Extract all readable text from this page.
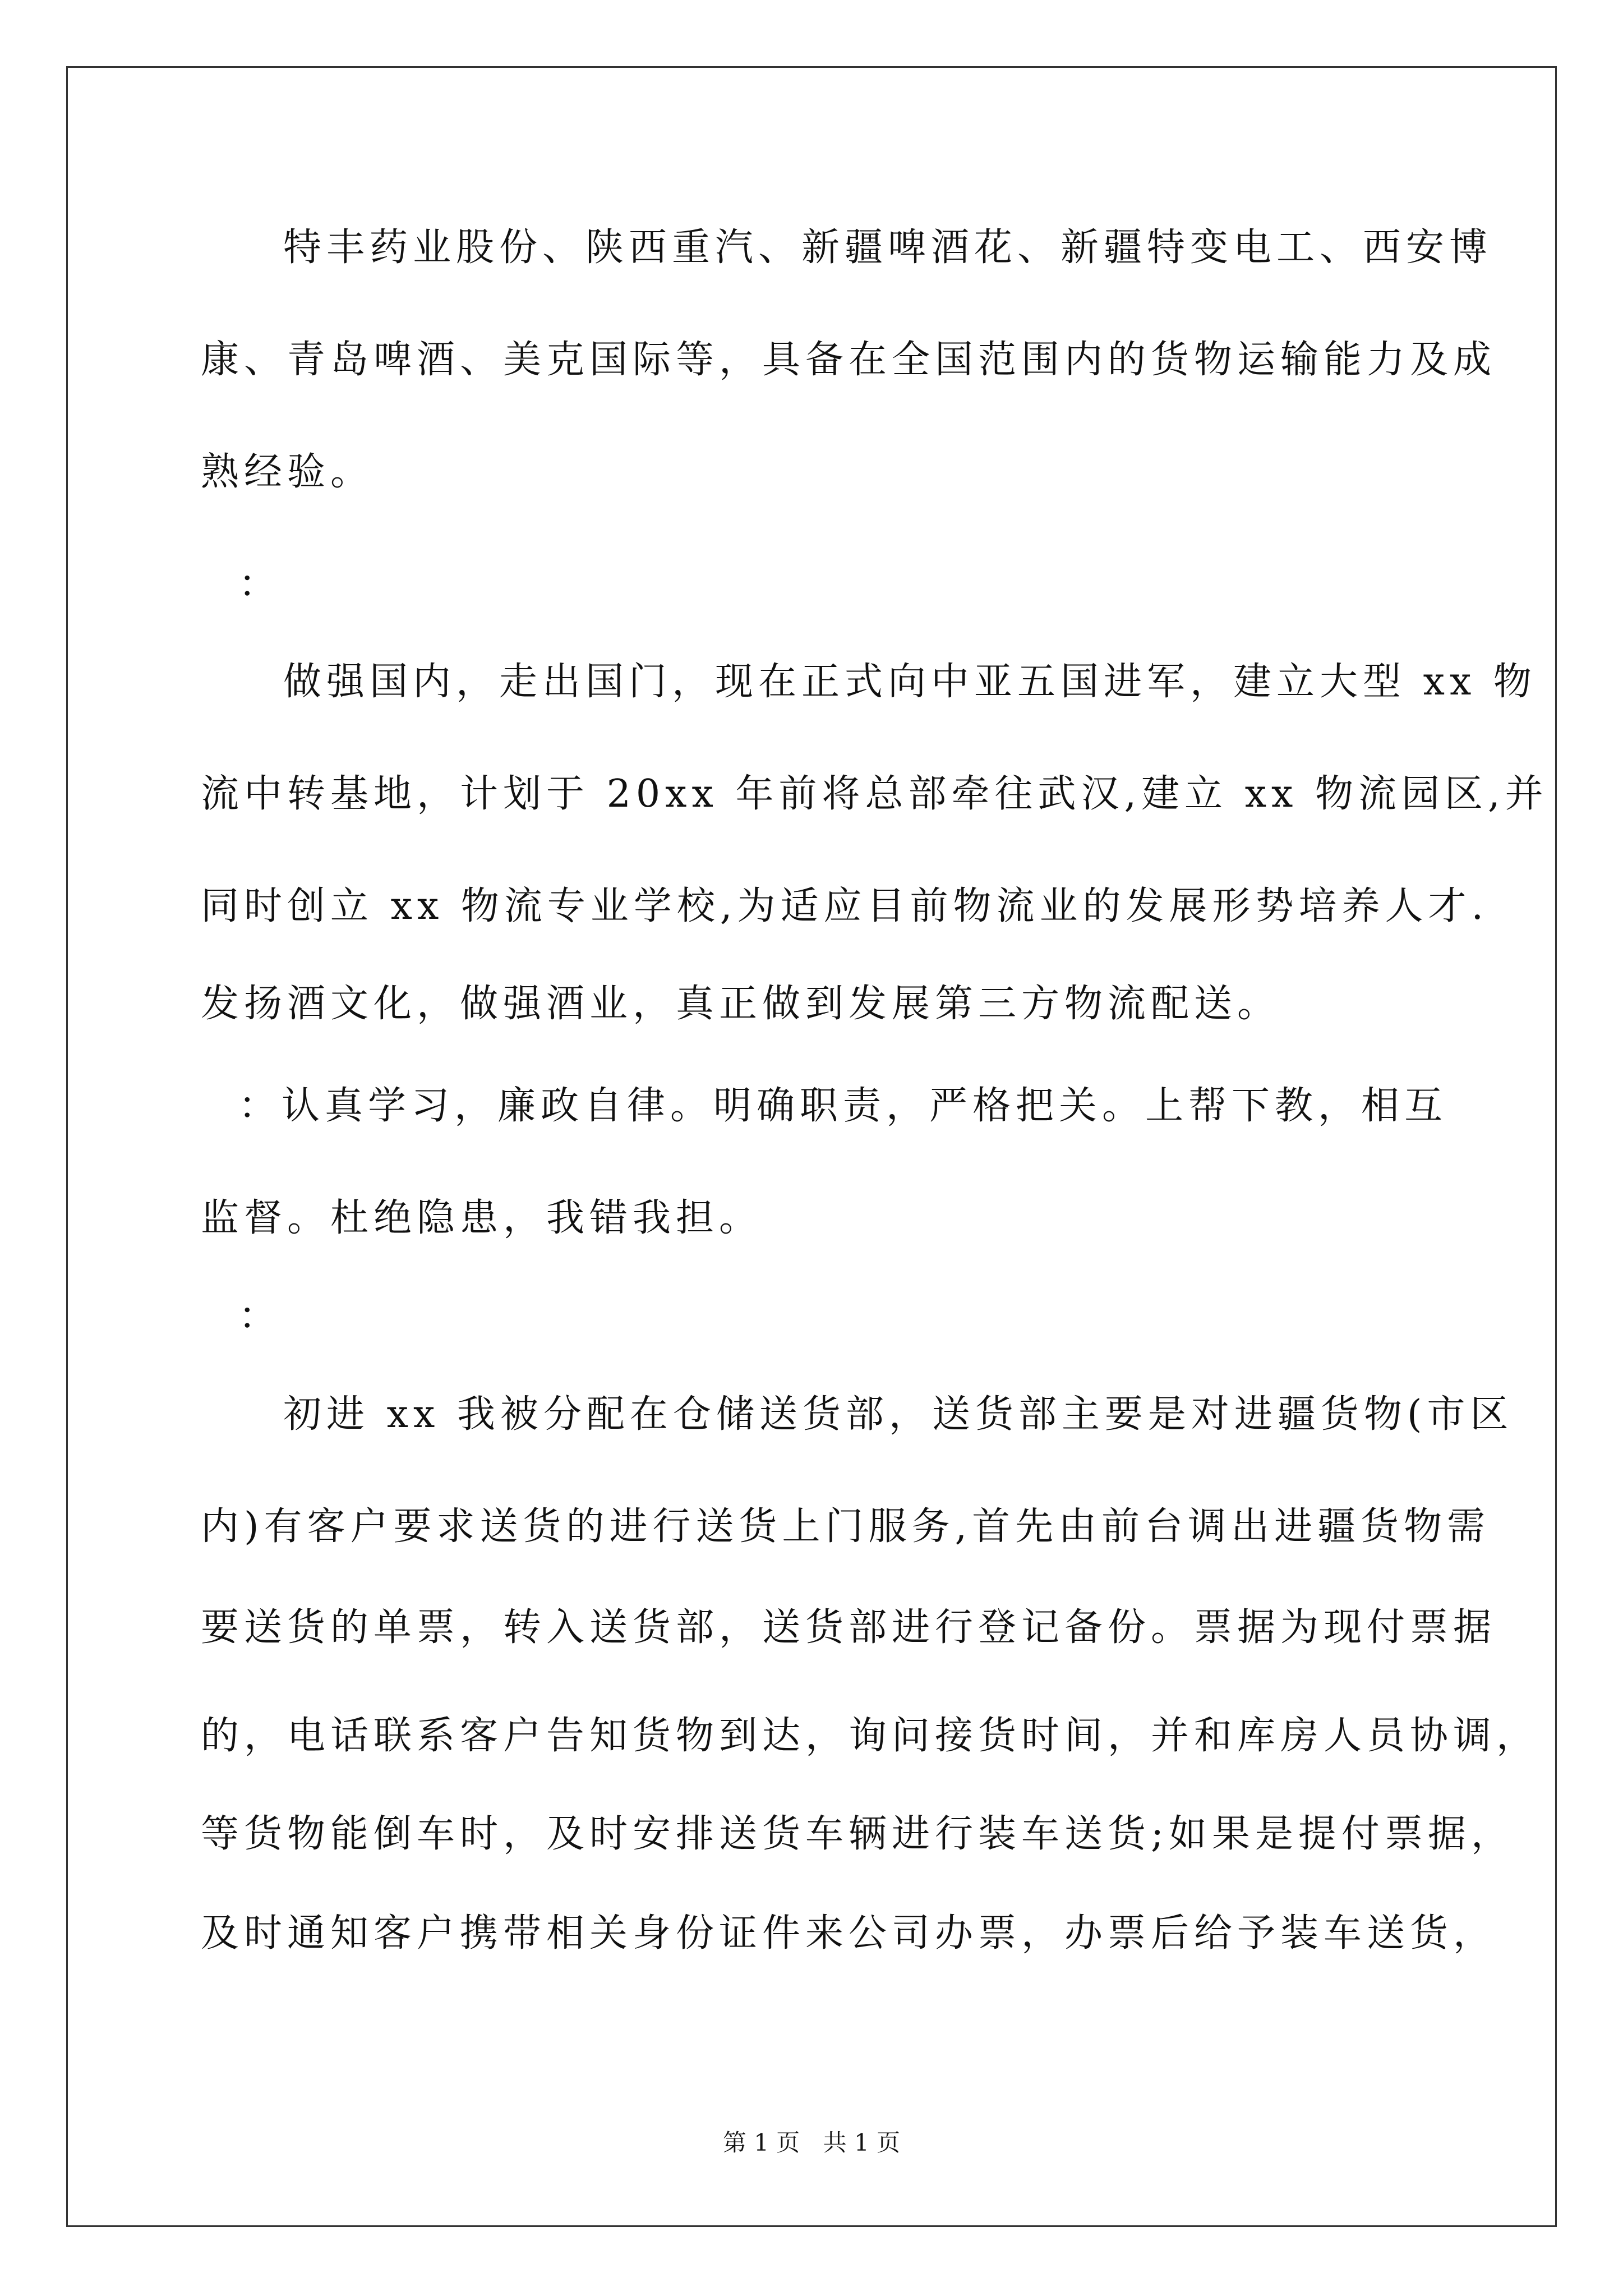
特丰药业股份、陕西重汽、新疆啤酒花、新疆特变电工、西安博
康、青岛啤酒、美克国际等，具备在全国范围内的货物运输能力及成
熟经验。
：
做强国内，走出国门，现在正式向中亚五国进军，建立大型 xx 物
流中转基地，计划于 20xx 年前将总部牵往武汉,建立 xx 物流园区,并
同时创立 xx 物流专业学校,为适应目前物流业的发展形势培养人才.
发扬酒文化，做强酒业，真正做到发展第三方物流配送。
：认真学习，廉政自律。明确职责，严格把关。上帮下教，相互
监督。杜绝隐患，我错我担。
：
初进 xx 我被分配在仓储送货部，送货部主要是对进疆货物(市区
内)有客户要求送货的进行送货上门服务,首先由前台调出进疆货物需
要送货的单票，转入送货部，送货部进行登记备份。票据为现付票据
的，电话联系客户告知货物到达，询问接货时间，并和库房人员协调，
等货物能倒车时，及时安排送货车辆进行装车送货;如果是提付票据，
及时通知客户携带相关身份证件来公司办票，办票后给予装车送货，
第 1 页 共 1 页
